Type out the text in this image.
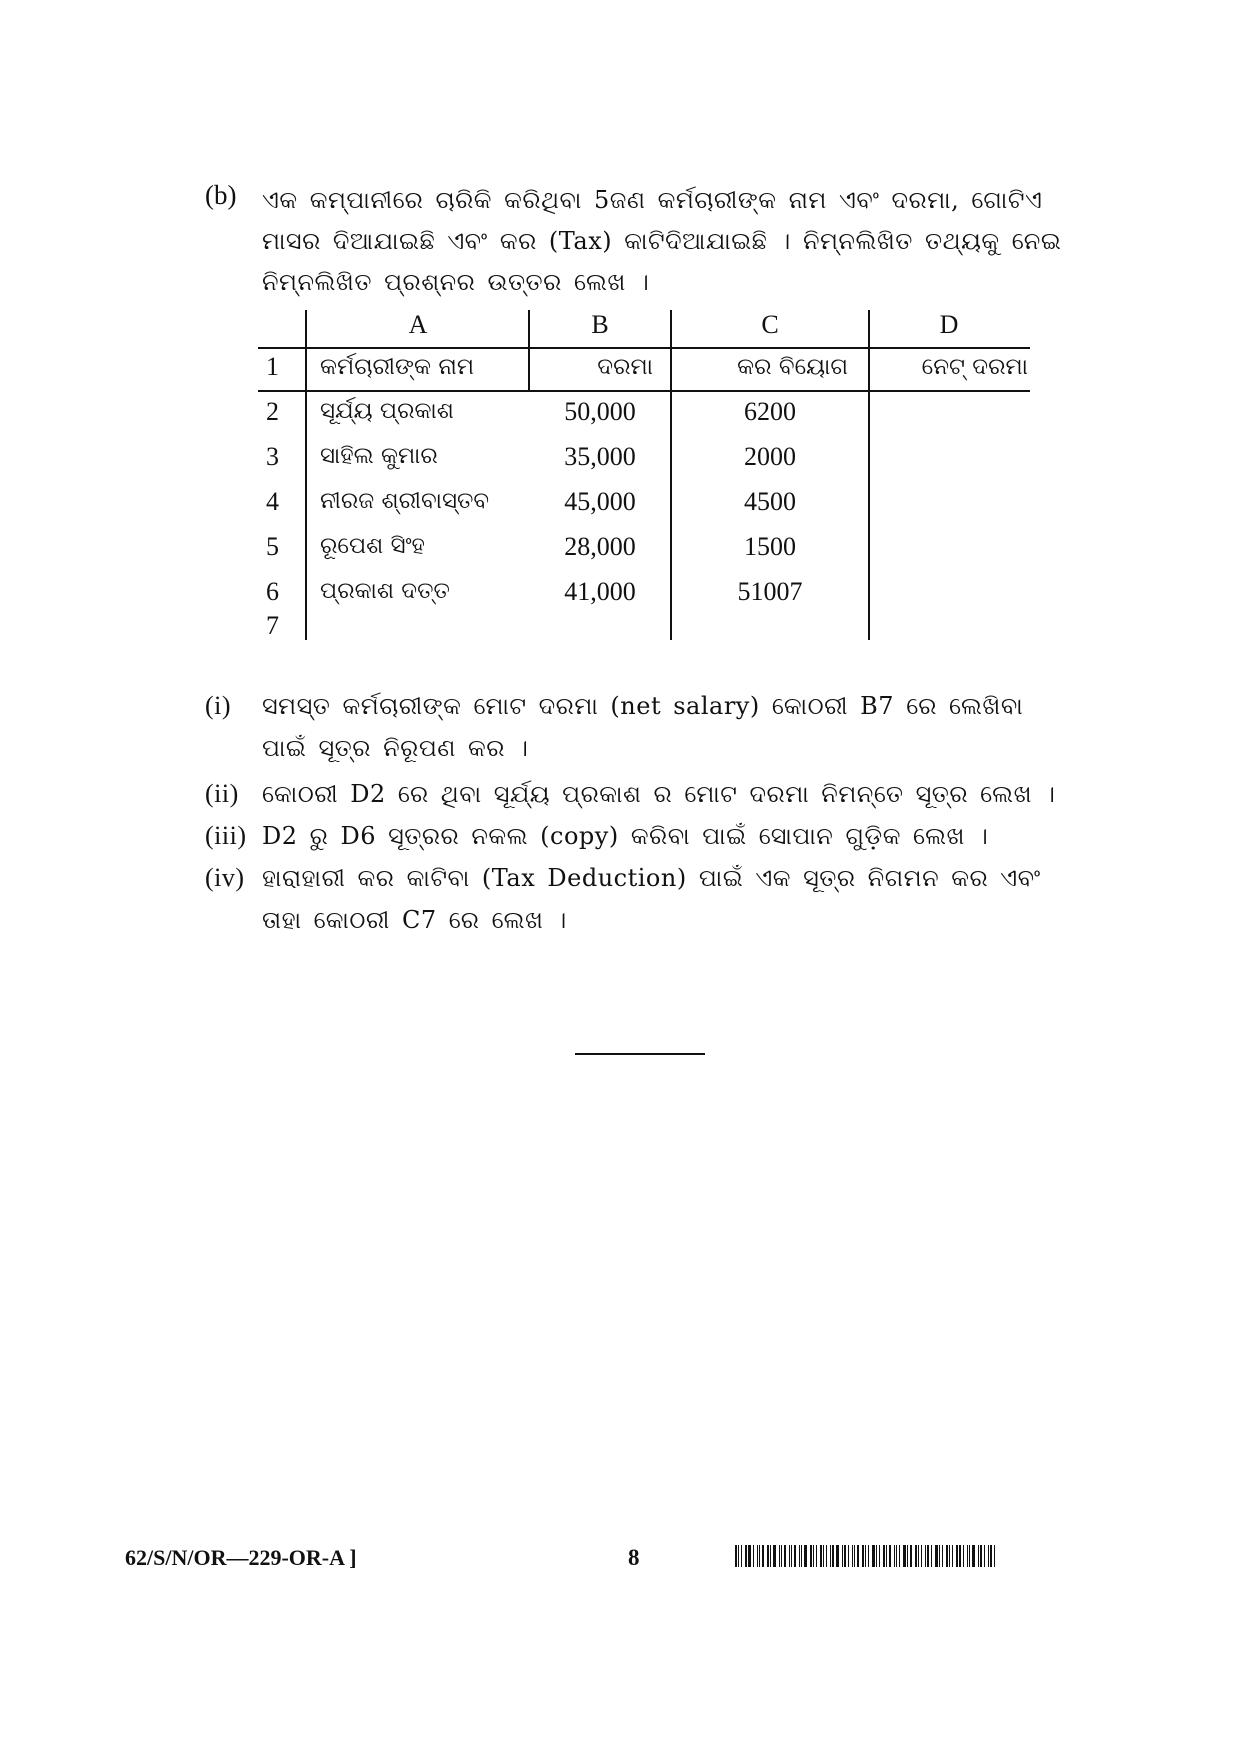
(b) ଏକ କମ୍ପାନୀରେ ଚାରିକି କରିଥିବା 5ଜଣ କର୍ମଚାରୀଙ୍କ ନାମ ଏବଂ ଦରମା, ଗୋଟିଏ ମାସର ଦିଆଯାଇଛି ଏବଂ କର (Tax) କାଟିଦିଆଯାଇଛି । ନିମ୍ନଲିଖିତ ତଥ୍ୟକୁ ନେଇ ନିମ୍ନଲିଖିତ ପ୍ରଶ୍ନର ଉତ୍ତର ଲେଖ ।
A	B	C	D
1 କର୍ମଚାରୀଙ୍କ ନାମ	ଦରମା	କର ବିୟୋଗ	ନେଟ୍ ଦରମା
2 ସୂର୍ଯ୍ୟ ପ୍ରକାଶ	50,000	6200
3 ସାହିଲ କୁମାର	35,000	2000
4 ନୀରଜ ଶ୍ରୀବାସ୍ତବ	45,000	4500
5 ରୂପେଶ ସିଂହ	28,000	1500
6 ପ୍ରକାଶ ଦତ୍ତ	41,000	51007
7
(i) ସମସ୍ତ କର୍ମଚାରୀଙ୍କ ମୋଟ ଦରମା (net salary) କୋଠରୀ B7 ରେ ଲେଖିବା ପାଇଁ ସୂତ୍ର ନିରୂପଣ କର ।
(ii) କୋଠରୀ D2 ରେ ଥିବା ସୂର୍ଯ୍ୟ ପ୍ରକାଶ ର ମୋଟ ଦରମା ନିମନ୍ତେ ସୂତ୍ର ଲେଖ ।
(iii) D2 ରୁ D6 ସୂତ୍ରର ନକଲ (copy) କରିବା ପାଇଁ ସୋପାନ ଗୁଡ଼ିକ ଲେଖ ।
(iv) ହାରାହାରୀ କର କାଟିବା (Tax Deduction) ପାଇଁ ଏକ ସୂତ୍ର ନିଗମନ କର ଏବଂ ତାହା କୋଠରୀ C7 ରେ ଲେଖ ।
62/S/N/OR—229-OR-A ]	8
